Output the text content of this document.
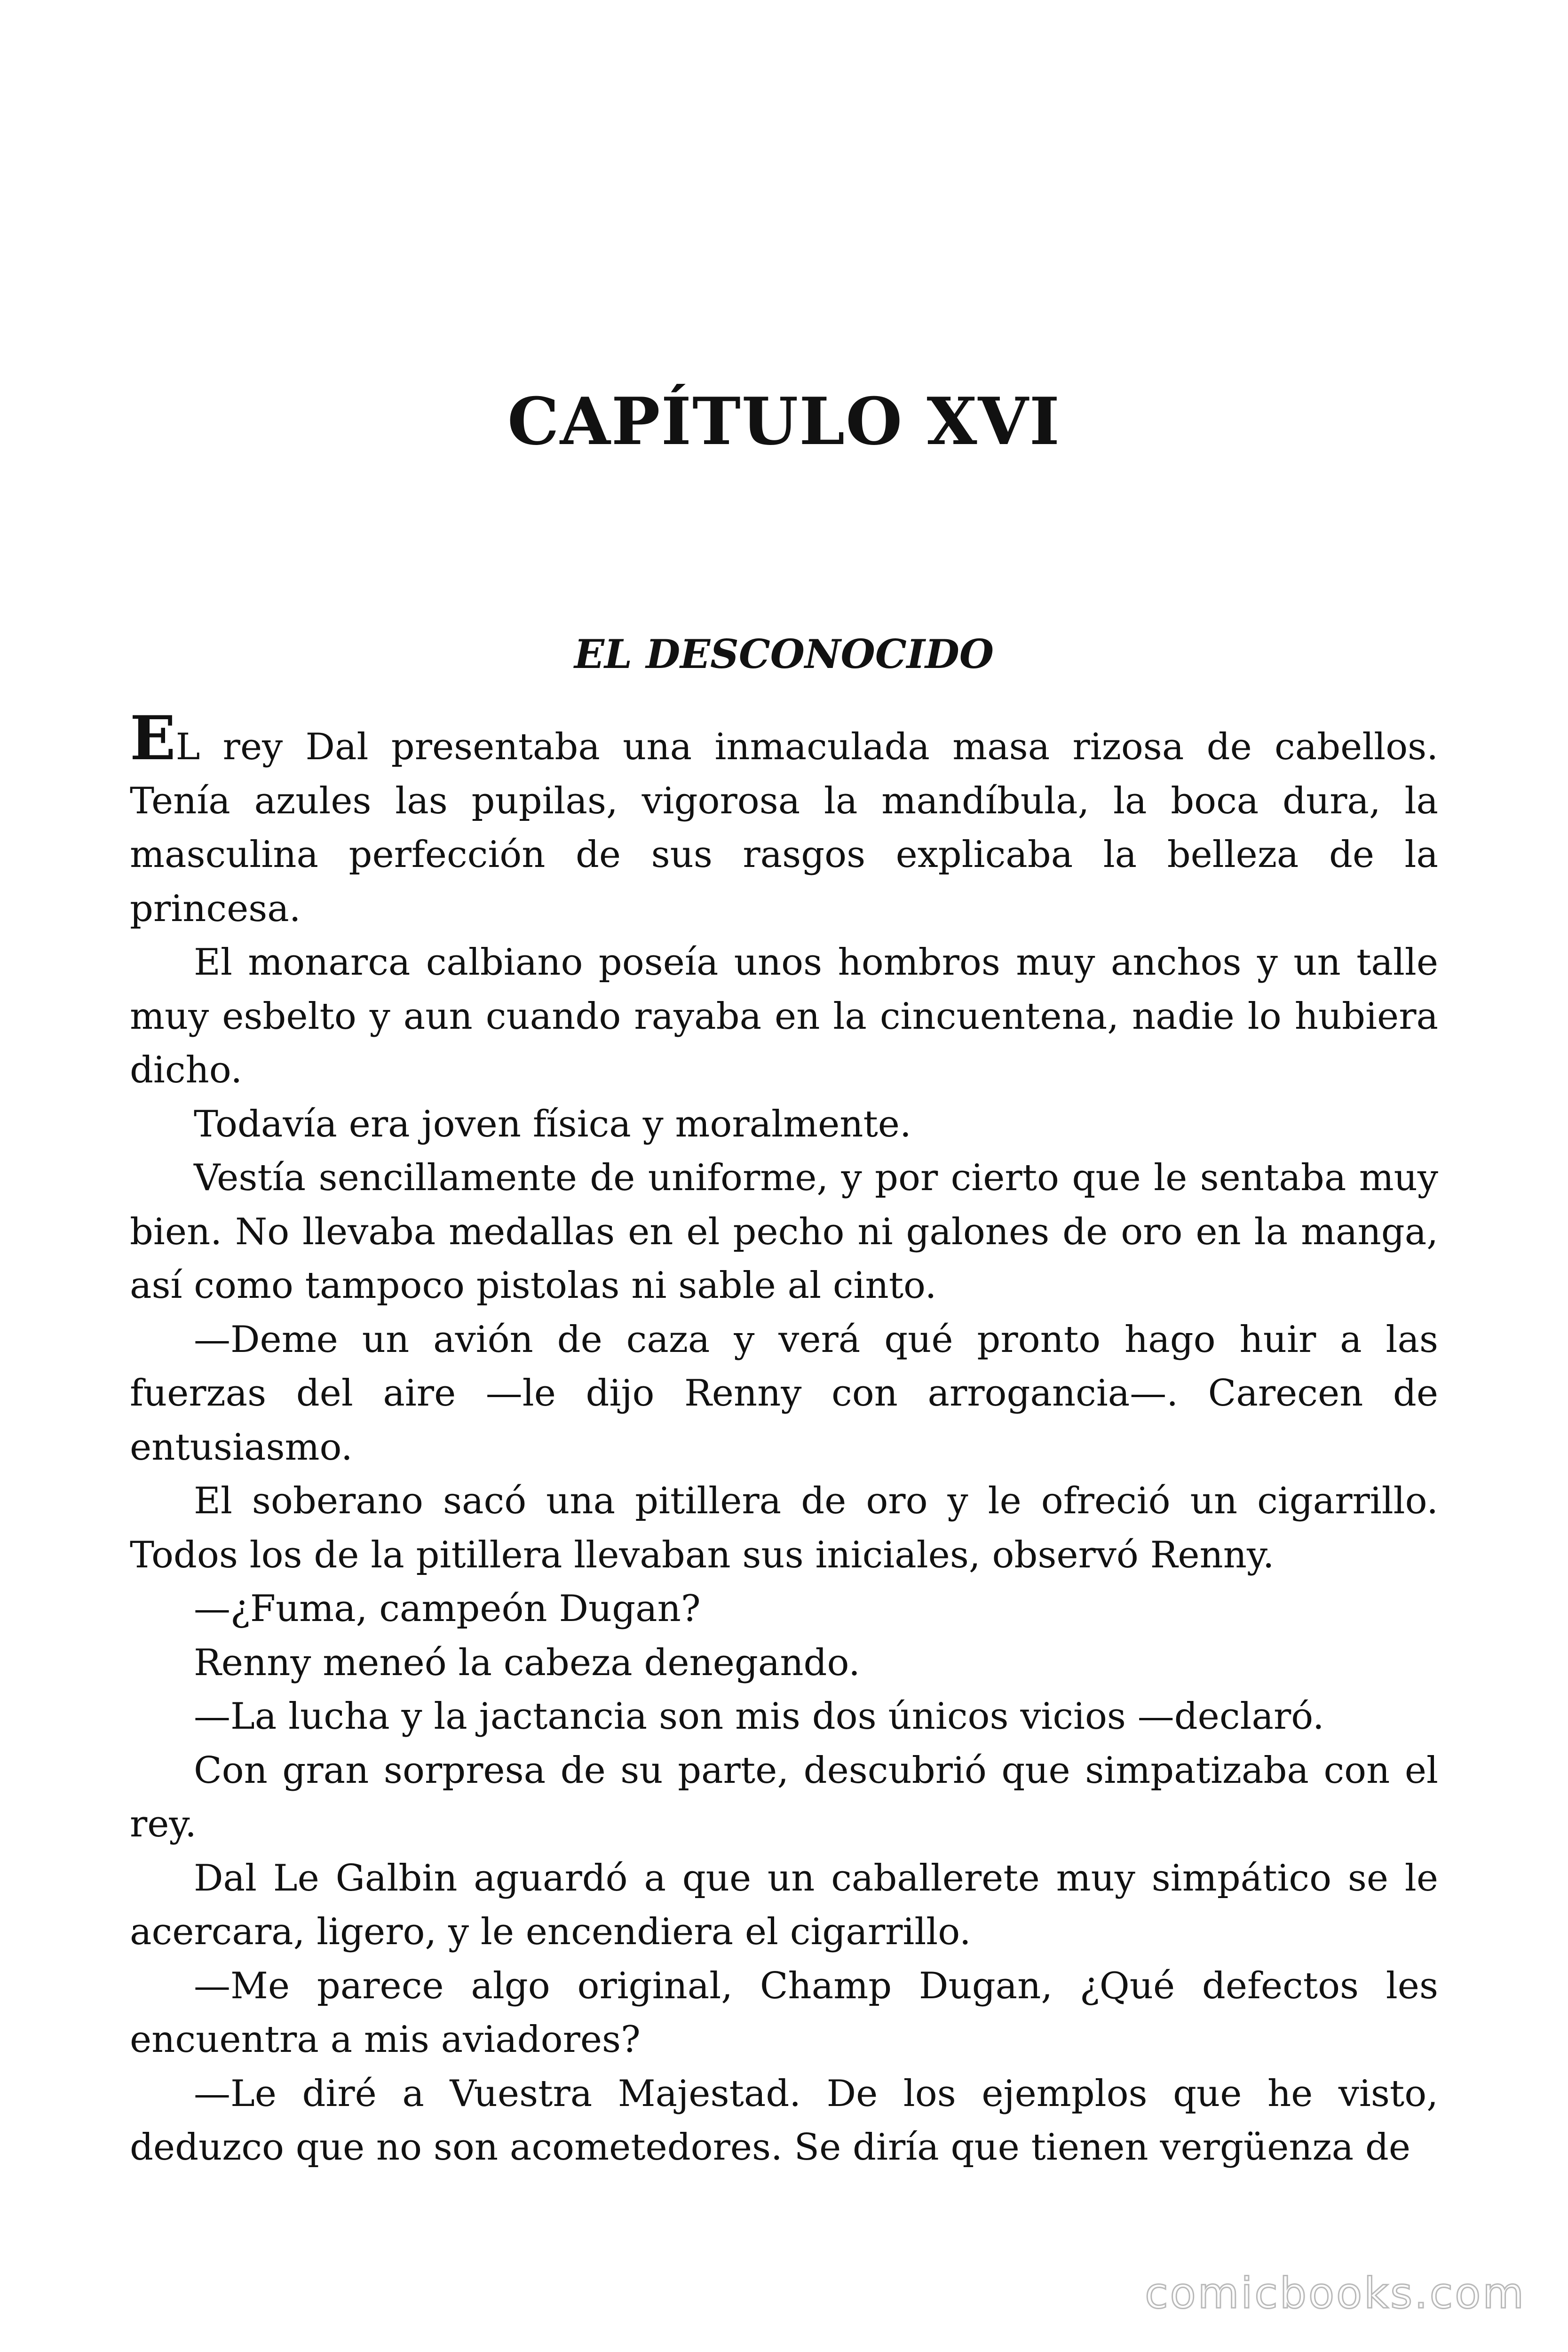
CAPÍTULO XVI
EL DESCONOCIDO

EL rey Dal presentaba una inmaculada masa rizosa de cabellos. Tenía azules las pupilas, vigorosa la mandíbula, la boca dura, la masculina perfección de sus rasgos explicaba la belleza de la princesa.

El monarca calbiano poseía unos hombros muy anchos y un talle muy esbelto y aun cuando rayaba en la cincuentena, nadie lo hubiera dicho.

Todavía era joven física y moralmente.

Vestía sencillamente de uniforme, y por cierto que le sentaba muy bien. No llevaba medallas en el pecho ni galones de oro en la manga, así como tampoco pistolas ni sable al cinto.

—Deme un avión de caza y verá qué pronto hago huir a las fuerzas del aire —le dijo Renny con arrogancia—. Carecen de entusiasmo.

El soberano sacó una pitillera de oro y le ofreció un cigarrillo. Todos los de la pitillera llevaban sus iniciales, observó Renny.

—¿Fuma, campeón Dugan?

Renny meneó la cabeza denegando.

—La lucha y la jactancia son mis dos únicos vicios —declaró.

Con gran sorpresa de su parte, descubrió que simpatizaba con el rey.

Dal Le Galbin aguardó a que un caballerete muy simpático se le acercara, ligero, y le encendiera el cigarrillo.

—Me parece algo original, Champ Dugan, ¿Qué defectos les encuentra a mis aviadores?

—Le diré a Vuestra Majestad. De los ejemplos que he visto, deduzco que no son acometedores. Se diría que tienen vergüenza de

comicbooks.com
